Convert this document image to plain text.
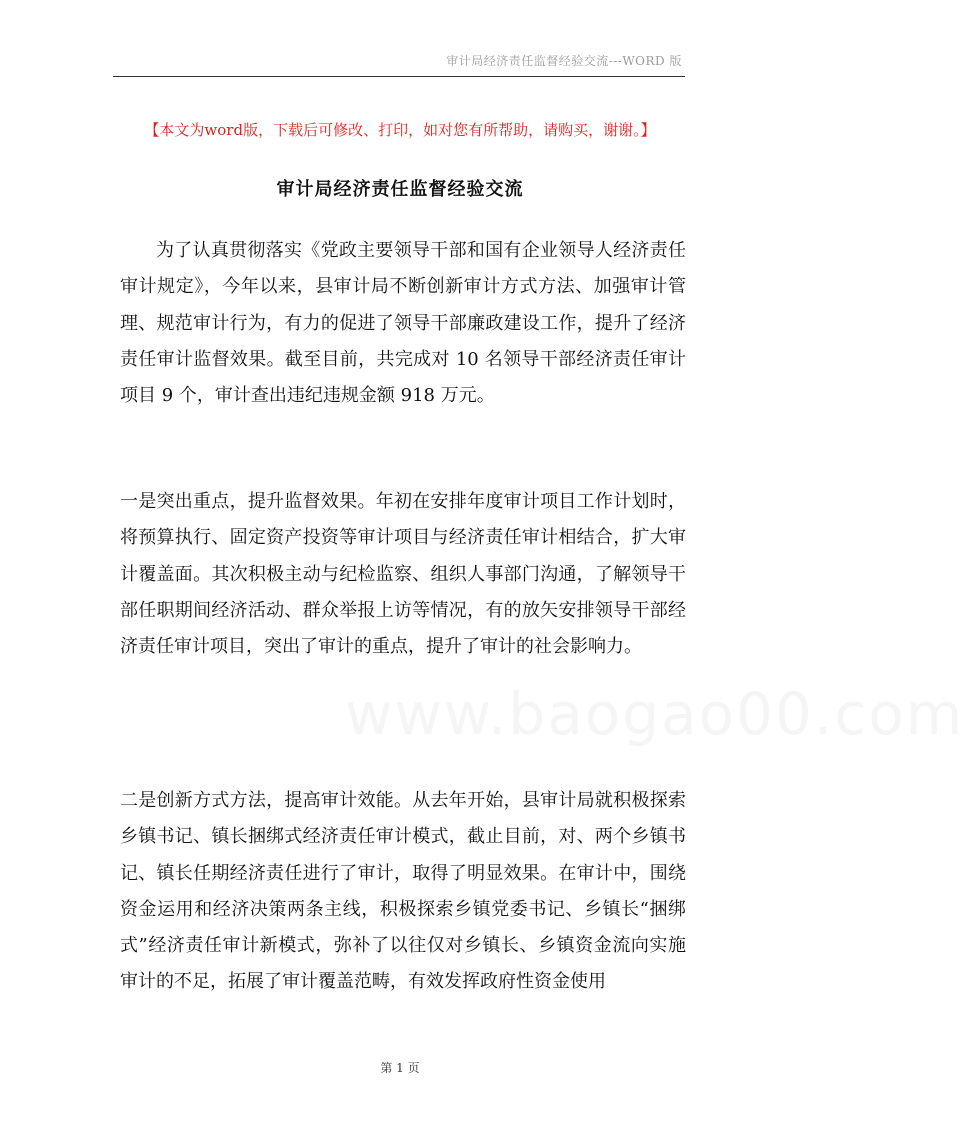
审计局经济责任监督经验交流---WORD 版
【本文为word版，下载后可修改、打印，如对您有所帮助，请购买，谢谢。】
审计局经济责任监督经验交流

为了认真贯彻落实《党政主要领导干部和国有企业领导人经济责任审计规定》，今年以来，县审计局不断创新审计方式方法、加强审计管理、规范审计行为，有力的促进了领导干部廉政建设工作，提升了经济责任审计监督效果。截至目前，共完成对 10 名领导干部经济责任审计项目 9 个，审计查出违纪违规金额 918 万元。

一是突出重点，提升监督效果。年初在安排年度审计项目工作计划时，将预算执行、固定资产投资等审计项目与经济责任审计相结合，扩大审计覆盖面。其次积极主动与纪检监察、组织人事部门沟通，了解领导干部任职期间经济活动、群众举报上访等情况，有的放矢安排领导干部经济责任审计项目，突出了审计的重点，提升了审计的社会影响力。

二是创新方式方法，提高审计效能。从去年开始，县审计局就积极探索乡镇书记、镇长捆绑式经济责任审计模式，截止目前，对、两个乡镇书记、镇长任期经济责任进行了审计，取得了明显效果。在审计中，围绕资金运用和经济决策两条主线，积极探索乡镇党委书记、乡镇长“捆绑式”经济责任审计新模式，弥补了以往仅对乡镇长、乡镇资金流向实施审计的不足，拓展了审计覆盖范畴，有效发挥政府性资金使用

www.baogao00.com
第 1 页
